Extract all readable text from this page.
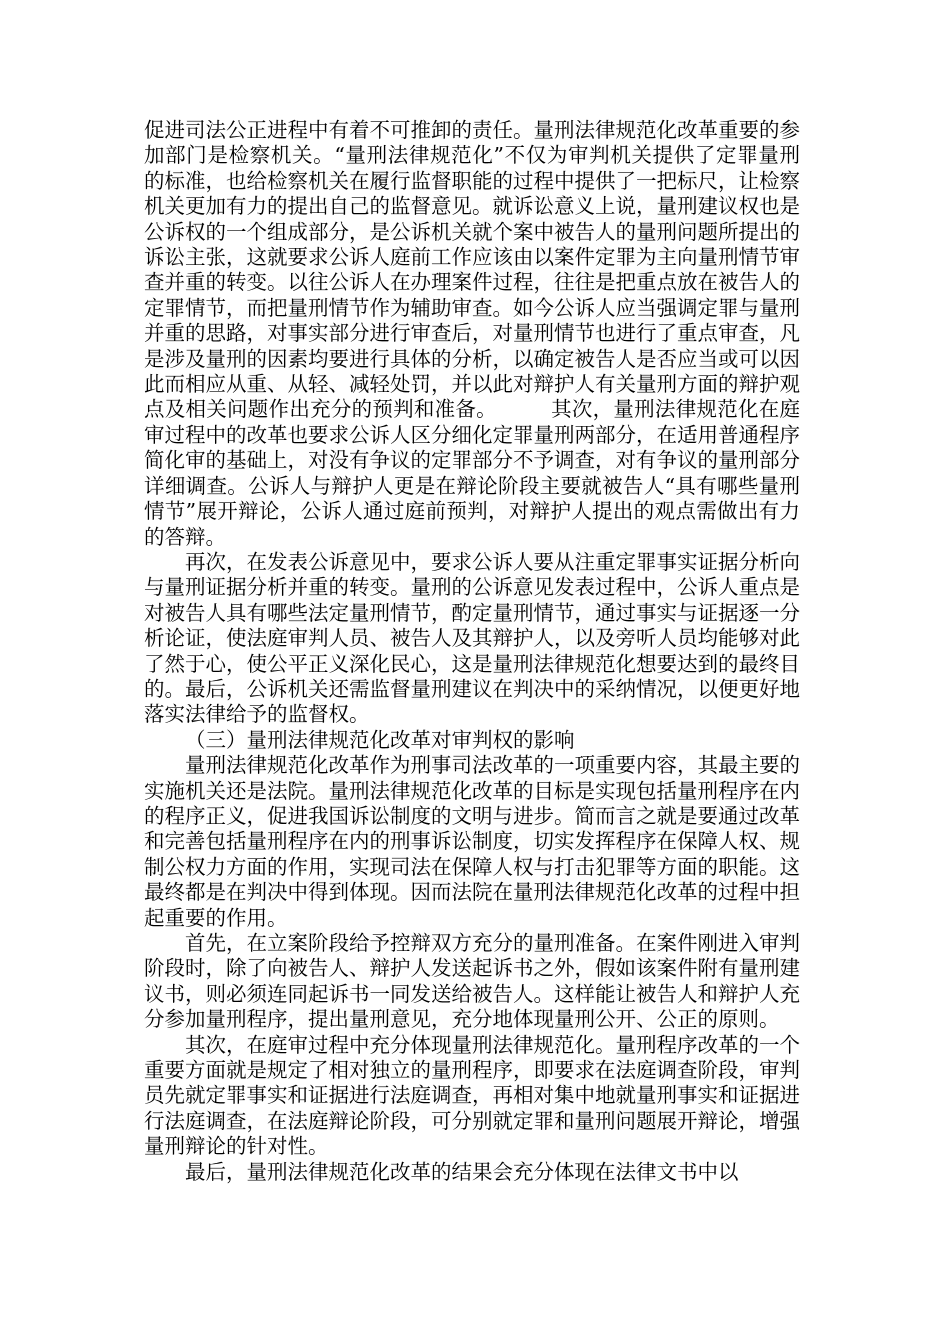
促进司法公正进程中有着不可推卸的责任。量刑法律规范化改革重要的参加部门是检察机关。“量刑法律规范化”不仅为审判机关提供了定罪量刑的标准，也给检察机关在履行监督职能的过程中提供了一把标尺，让检察机关更加有力的提出自己的监督意见。就诉讼意义上说，量刑建议权也是公诉权的一个组成部分，是公诉机关就个案中被告人的量刑问题所提出的诉讼主张，这就要求公诉人庭前工作应该由以案件定罪为主向量刑情节审查并重的转变。以往公诉人在办理案件过程，往往是把重点放在被告人的定罪情节，而把量刑情节作为辅助审查。如今公诉人应当强调定罪与量刑并重的思路，对事实部分进行审查后，对量刑情节也进行了重点审查，凡是涉及量刑的因素均要进行具体的分析，以确定被告人是否应当或可以因此而相应从重、从轻、减轻处罚，并以此对辩护人有关量刑方面的辩护观点及相关问题作出充分的预判和准备。        其次，量刑法律规范化在庭审过程中的改革也要求公诉人区分细化定罪量刑两部分，在适用普通程序简化审的基础上，对没有争议的定罪部分不予调查，对有争议的量刑部分详细调查。公诉人与辩护人更是在辩论阶段主要就被告人“具有哪些量刑情节”展开辩论，公诉人通过庭前预判，对辩护人提出的观点需做出有力的答辩。

再次，在发表公诉意见中，要求公诉人要从注重定罪事实证据分析向与量刑证据分析并重的转变。量刑的公诉意见发表过程中，公诉人重点是对被告人具有哪些法定量刑情节，酌定量刑情节，通过事实与证据逐一分析论证，使法庭审判人员、被告人及其辩护人，以及旁听人员均能够对此了然于心，使公平正义深化民心，这是量刑法律规范化想要达到的最终目的。最后，公诉机关还需监督量刑建议在判决中的采纳情况，以便更好地落实法律给予的监督权。

（三）量刑法律规范化改革对审判权的影响

量刑法律规范化改革作为刑事司法改革的一项重要内容，其最主要的实施机关还是法院。量刑法律规范化改革的目标是实现包括量刑程序在内的程序正义，促进我国诉讼制度的文明与进步。简而言之就是要通过改革和完善包括量刑程序在内的刑事诉讼制度，切实发挥程序在保障人权、规制公权力方面的作用，实现司法在保障人权与打击犯罪等方面的职能。这最终都是在判决中得到体现。因而法院在量刑法律规范化改革的过程中担起重要的作用。

首先，在立案阶段给予控辩双方充分的量刑准备。在案件刚进入审判阶段时，除了向被告人、辩护人发送起诉书之外，假如该案件附有量刑建议书，则必须连同起诉书一同发送给被告人。这样能让被告人和辩护人充分参加量刑程序，提出量刑意见，充分地体现量刑公开、公正的原则。

其次，在庭审过程中充分体现量刑法律规范化。量刑程序改革的一个重要方面就是规定了相对独立的量刑程序，即要求在法庭调查阶段，审判员先就定罪事实和证据进行法庭调查，再相对集中地就量刑事实和证据进行法庭调查，在法庭辩论阶段，可分别就定罪和量刑问题展开辩论，增强量刑辩论的针对性。

最后，量刑法律规范化改革的结果会充分体现在法律文书中以
